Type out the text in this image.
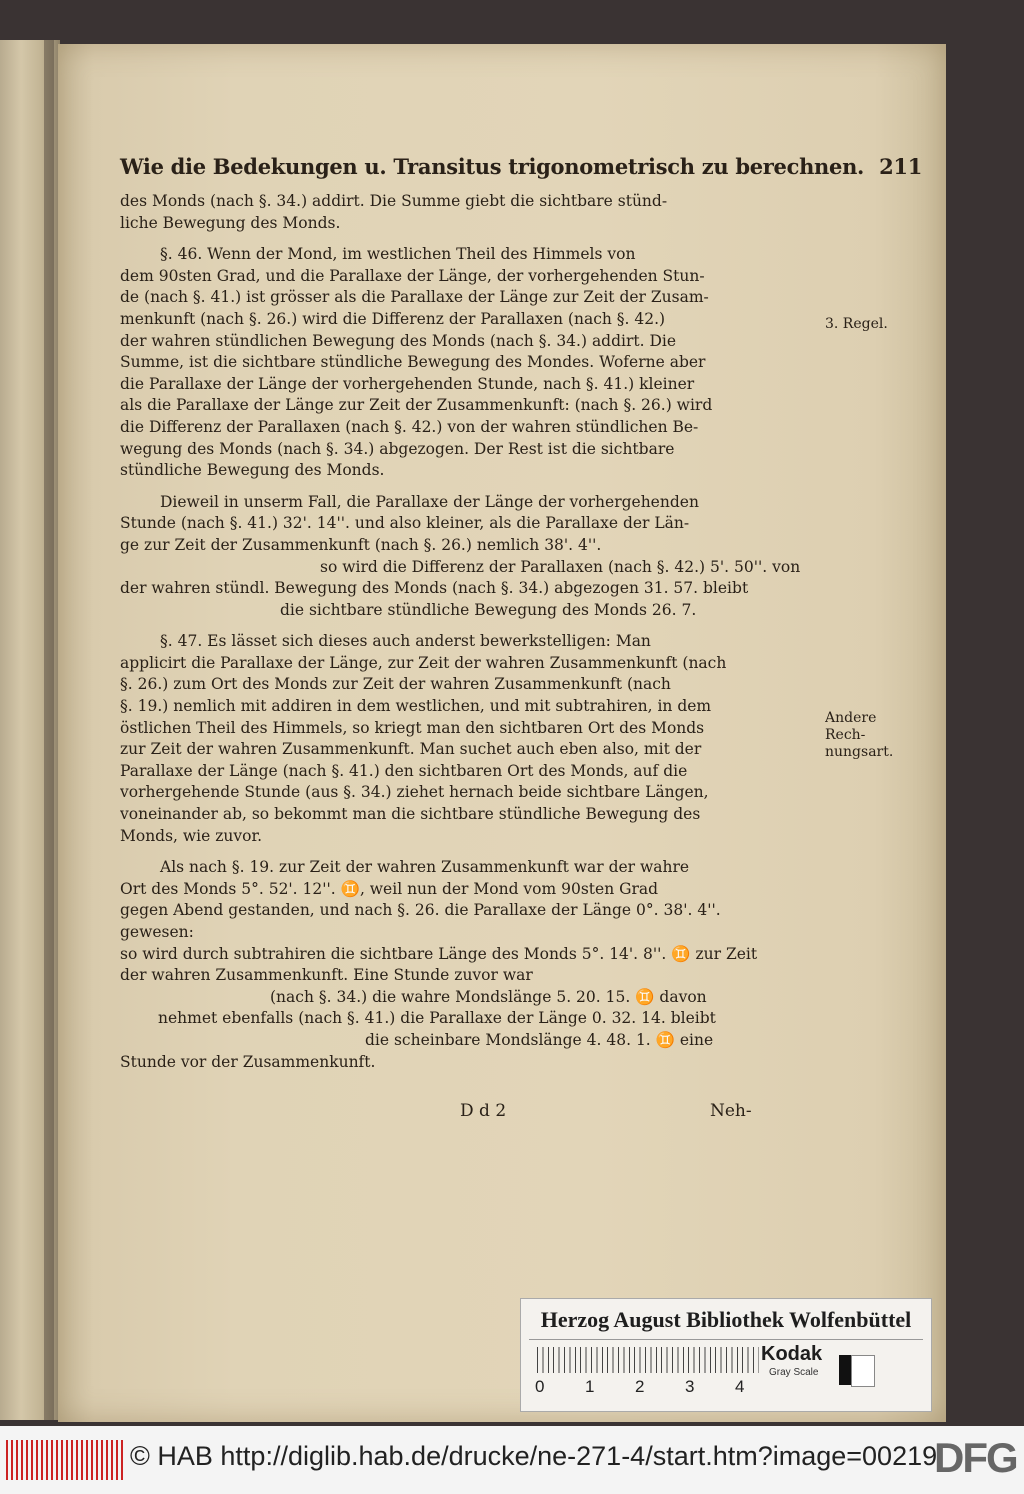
Wie die Bedekungen u. Transitus trigonometrisch zu berechnen. 211
des Monds (nach §. 34.) addirt. Die Summe giebt die sichtbare stünd-
liche Bewegung des Monds.
§. 46. Wenn der Mond, im westlichen Theil des Himmels von
dem 90sten Grad, und die Parallaxe der Länge, der vorhergehenden Stun-
de (nach §. 41.) ist grösser als die Parallaxe der Länge zur Zeit der Zusam-
menkunft (nach §. 26.) wird die Differenz der Parallaxen (nach §. 42.)
der wahren stündlichen Bewegung des Monds (nach §. 34.) addirt. Die
Summe, ist die sichtbare stündliche Bewegung des Mondes. Woferne aber
die Parallaxe der Länge der vorhergehenden Stunde, nach §. 41.) kleiner
als die Parallaxe der Länge zur Zeit der Zusammenkunft: (nach §. 26.) wird
die Differenz der Parallaxen (nach §. 42.) von der wahren stündlichen Be-
wegung des Monds (nach §. 34.) abgezogen. Der Rest ist die sichtbare
stündliche Bewegung des Monds.
Dieweil in unserm Fall, die Parallaxe der Länge der vorhergehenden
Stunde (nach §. 41.) 32'. 14''. und also kleiner, als die Parallaxe der Län-
ge zur Zeit der Zusammenkunft (nach §. 26.) nemlich 38'. 4''.
so wird die Differenz der Parallaxen (nach §. 42.) 5'. 50''. von
der wahren stündl. Bewegung des Monds (nach §. 34.) abgezogen 31. 57. bleibt
die sichtbare stündliche Bewegung des Monds 26. 7.
§. 47. Es lässet sich dieses auch anderst bewerkstelligen: Man
applicirt die Parallaxe der Länge, zur Zeit der wahren Zusammenkunft (nach
§. 26.) zum Ort des Monds zur Zeit der wahren Zusammenkunft (nach
§. 19.) nemlich mit addiren in dem westlichen, und mit subtrahiren, in dem
östlichen Theil des Himmels, so kriegt man den sichtbaren Ort des Monds
zur Zeit der wahren Zusammenkunft. Man suchet auch eben also, mit der
Parallaxe der Länge (nach §. 41.) den sichtbaren Ort des Monds, auf die
vorhergehende Stunde (aus §. 34.) ziehet hernach beide sichtbare Längen,
voneinander ab, so bekommt man die sichtbare stündliche Bewegung des
Monds, wie zuvor.
Als nach §. 19. zur Zeit der wahren Zusammenkunft war der wahre
Ort des Monds 5°. 52'. 12''. ♊, weil nun der Mond vom 90sten Grad
gegen Abend gestanden, und nach §. 26. die Parallaxe der Länge 0°. 38'. 4''.
gewesen:
so wird durch subtrahiren die sichtbare Länge des Monds 5°. 14'. 8''. ♊ zur Zeit
der wahren Zusammenkunft. Eine Stunde zuvor war
(nach §. 34.) die wahre Mondslänge 5. 20. 15. ♊ davon
nehmet ebenfalls (nach §. 41.) die Parallaxe der Länge 0. 32. 14. bleibt
die scheinbare Mondslänge 4. 48. 1. ♊ eine
Stunde vor der Zusammenkunft.
D d 2	Neh-
3. Regel.
Andere
Rech-
nungsart.
Herzog August Bibliothek Wolfenbüttel
0 1 2 3 4
Kodak
Gray Scale
© HAB http://diglib.hab.de/drucke/ne-271-4/start.htm?image=00219
DFG
